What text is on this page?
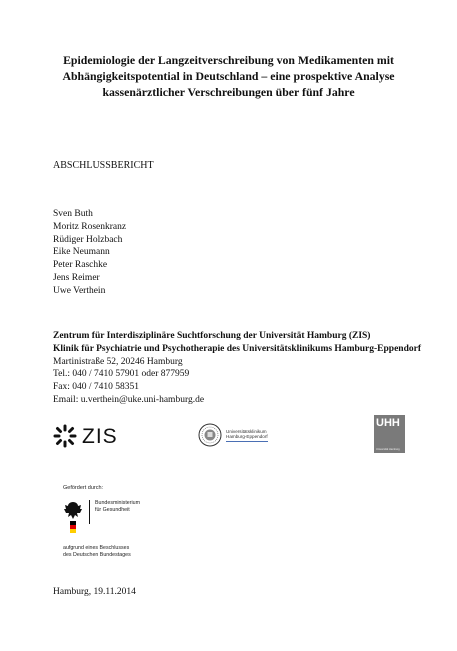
Epidemiologie der Langzeitverschreibung von Medikamenten mit
Abhängigkeitspotential in Deutschland – eine prospektive Analyse
kassenärztlicher Verschreibungen über fünf Jahre
ABSCHLUSSBERICHT
Sven Buth
Moritz Rosenkranz
Rüdiger Holzbach
Eike Neumann
Peter Raschke
Jens Reimer
Uwe Verthein
Zentrum für Interdisziplinäre Suchtforschung der Universität Hamburg (ZIS)
Klinik für Psychiatrie und Psychotherapie des Universitätsklinikums Hamburg-Eppendorf
Martinistraße 52, 20246 Hamburg
Tel.: 040 / 7410 57901 oder 877959
Fax: 040 / 7410 58351
Email: u.verthein@uke.uni-hamburg.de
ZIS	Universitätsklinikum
Hamburg-Eppendorf
UHH
Universität Hamburg
Gefördert durch:
Bundesministerium
für Gesundheit
aufgrund eines Beschlusses
des Deutschen Bundestages
Hamburg, 19.11.2014
